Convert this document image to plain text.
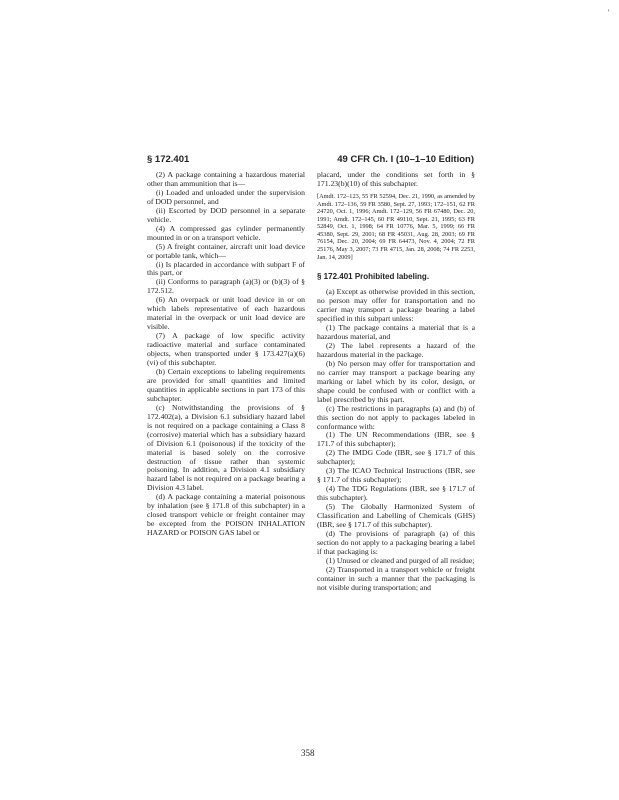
'
§ 172.401	49 CFR Ch. I (10–1–10 Edition)

(2) A package containing a hazardous material other than ammunition that is—

(i) Loaded and unloaded under the supervision of DOD personnel, and

(ii) Escorted by DOD personnel in a separate vehicle.

(4) A compressed gas cylinder permanently mounted in or on a transport vehicle.

(5) A freight container, aircraft unit load device or portable tank, which—

(i) Is placarded in accordance with subpart F of this part, or

(ii) Conforms to paragraph (a)(3) or (b)(3) of § 172.512.

(6) An overpack or unit load device in or on which labels representative of each hazardous material in the overpack or unit load device are visible.

(7) A package of low specific activity radioactive material and surface contaminated objects, when transported under § 173.427(a)(6)(vi) of this subchapter.

(b) Certain exceptions to labeling requirements are provided for small quantities and limited quantities in applicable sections in part 173 of this subchapter.

(c) Notwithstanding the provisions of § 172.402(a), a Division 6.1 subsidiary hazard label is not required on a package containing a Class 8 (corrosive) material which has a subsidiary hazard of Division 6.1 (poisonous) if the toxicity of the material is based solely on the corrosive destruction of tissue rather than systemic poisoning. In addition, a Division 4.1 subsidiary hazard label is not required on a package bearing a Division 4.3 label.

(d) A package containing a material poisonous by inhalation (see § 171.8 of this subchapter) in a closed transport vehicle or freight container may be excepted from the POISON INHALATION HAZARD or POISON GAS label or

placard, under the conditions set forth in § 171.23(b)(10) of this subchapter.

[Amdt. 172–123, 55 FR 52594, Dec. 21, 1990, as amended by Amdt. 172–136, 59 FR 3580, Sept. 27, 1993; 172–151, 62 FR 24720, Oct. 1, 1996; Amdt. 172–129, 56 FR 67480, Dec. 20, 1991; Amdt. 172–145, 60 FR 49110, Sept. 21, 1995; 63 FR 52849, Oct. 1, 1998; 64 FR 10776, Mar. 5, 1999; 66 FR 45380, Sept. 29, 2001; 68 FR 45031, Aug. 28, 2003; 69 FR 76154, Dec. 20, 2004; 69 FR 64473, Nov. 4, 2004; 72 FR 25176, May 3, 2007; 73 FR 4715, Jan. 28, 2008; 74 FR 2253, Jan. 14, 2009]

§ 172.401 Prohibited labeling.

(a) Except as otherwise provided in this section, no person may offer for transportation and no carrier may transport a package bearing a label specified in this subpart unless:

(1) The package contains a material that is a hazardous material, and

(2) The label represents a hazard of the hazardous material in the package.

(b) No person may offer for transportation and no carrier may transport a package bearing any marking or label which by its color, design, or shape could be confused with or conflict with a label prescribed by this part.

(c) The restrictions in paragraphs (a) and (b) of this section do not apply to packages labeled in conformance with:

(1) The UN Recommendations (IBR, see § 171.7 of this subchapter);

(2) The IMDG Code (IBR, see § 171.7 of this subchapter);

(3) The ICAO Technical Instructions (IBR, see § 171.7 of this subchapter);

(4) The TDG Regulations (IBR, see § 171.7 of this subchapter).

(5) The Globally Harmonized System of Classification and Labelling of Chemicals (GHS) (IBR, see § 171.7 of this subchapter).

(d) The provisions of paragraph (a) of this section do not apply to a packaging bearing a label if that packaging is:

(1) Unused or cleaned and purged of all residue;

(2) Transported in a transport vehicle or freight container in such a manner that the packaging is not visible during transportation; and

358
